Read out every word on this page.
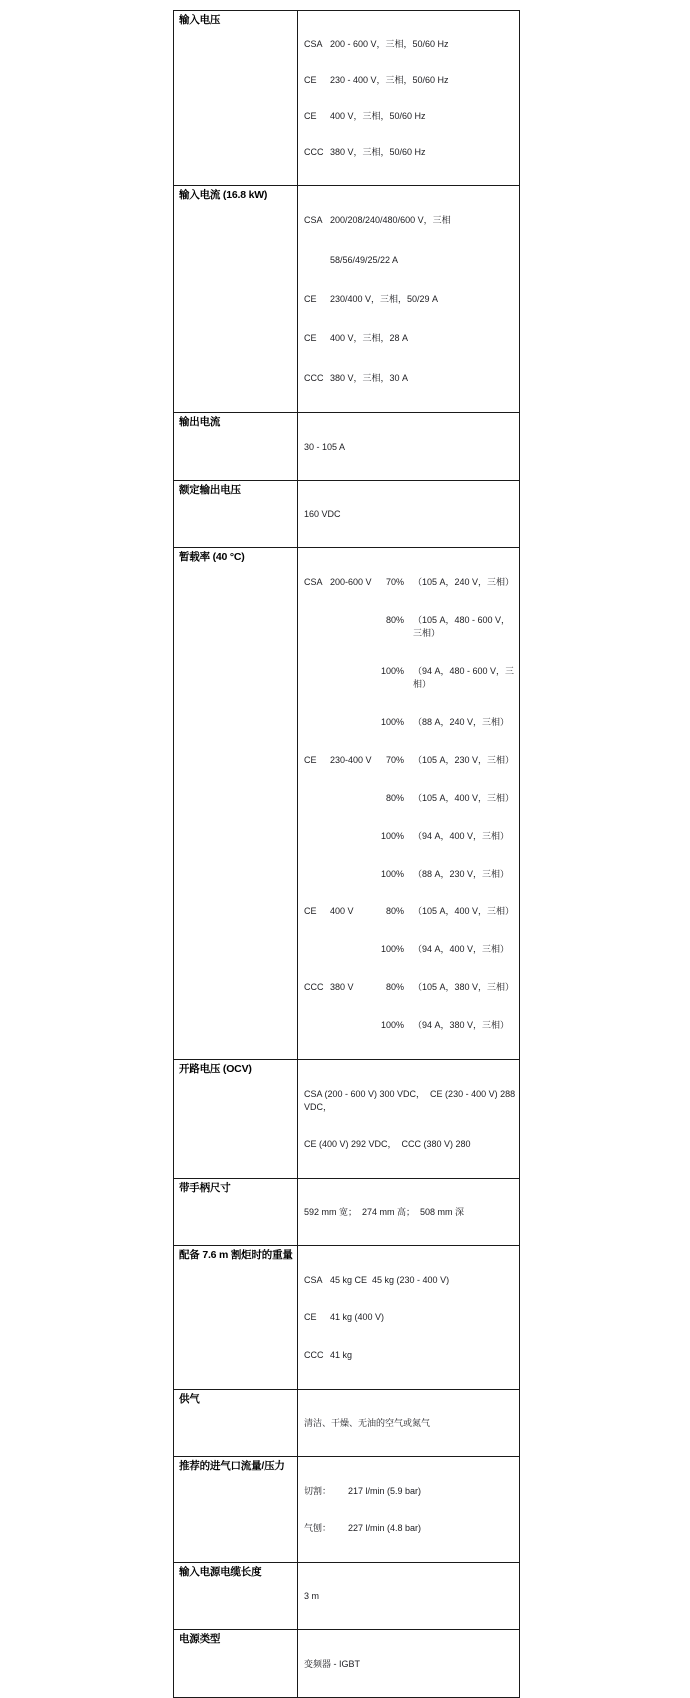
输入电压

CSA 200 - 600 V，三相，50/60 Hz

CE	230 - 400 V，三相，50/60 Hz

CE	400 V，三相，50/60 Hz

CCC 380 V，三相，50/60 Hz

输入电流 (16.8 kW)

CSA 200/208/240/480/600 V，三相

58/56/49/25/22 A

CE	230/400 V，三相，50/29 A

CE	400 V，三相，28 A

CCC 380 V，三相，30 A

输出电流

30 - 105 A

额定输出电压

160 VDC

暂载率 (40 °C)

CSA 200-600 V	70% （105 A，240 V，三相）

80% （105 A，480 - 600 V，三相）

100% （94 A，480 - 600 V，三相）

100% （88 A，240 V，三相）

CE	230-400 V	70% （105 A，230 V，三相）

80% （105 A，400 V，三相）

100% （94 A，400 V，三相）

100% （88 A，230 V，三相）

CE	400 V	80% （105 A，400 V，三相）

100% （94 A，400 V，三相）

CCC 380 V	80% （105 A，380 V，三相）

100% （94 A，380 V，三相）

开路电压 (OCV)

CSA (200 - 600 V) 300 VDC，  CE (230 - 400 V) 288 VDC，

CE (400 V) 292 VDC，  CCC (380 V) 280

带手柄尺寸

592 mm 宽；  274 mm 高；  508 mm 深

配备 7.6 m 割炬时的重量

CSA 45 kg CE  45 kg (230 - 400 V)

CE	41 kg (400 V)

CCC 41 kg

供气

清洁、干燥、无油的空气或氮气

推荐的进气口流量/压力

切割：	217 l/min (5.9 bar)

气刨：	227 l/min (4.8 bar)

输入电源电缆长度

3 m

电源类型

变频器 - IGBT
